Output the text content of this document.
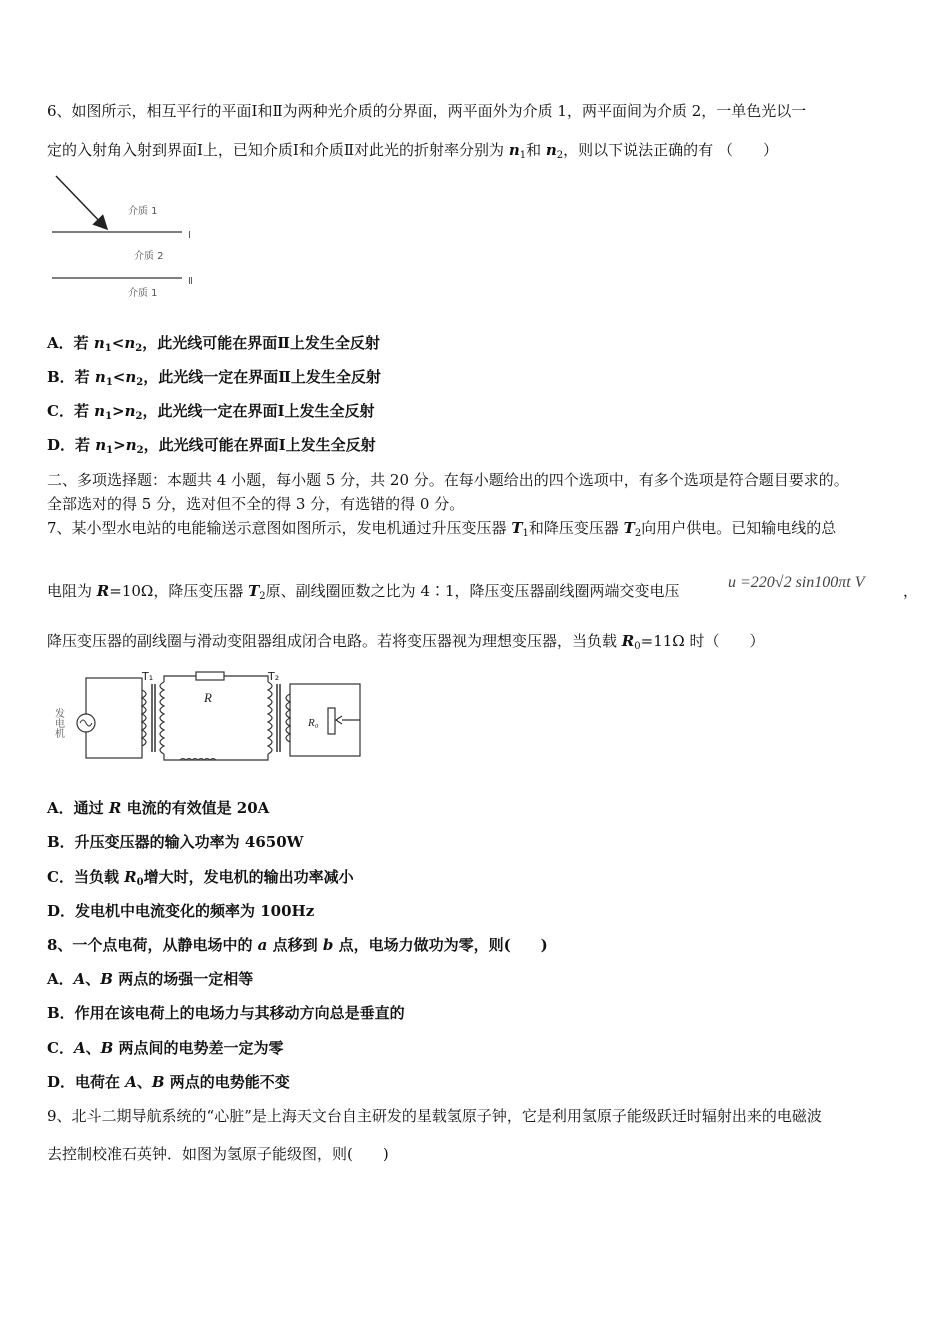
6、如图所示，相互平行的平面Ⅰ和Ⅱ为两种光介质的分界面，两平面外为介质 1，两平面间为介质 2，一单色光以一
定的入射角入射到界面Ⅰ上，已知介质Ⅰ和介质Ⅱ对此光的折射率分别为 $n_1$和 $n_2$，则以下说法正确的有 （　　）
介质 1
Ⅰ
介质 2
Ⅱ
介质 1
A．若 $n_1<n_2$，此光线可能在界面Ⅱ上发生全反射
B．若 $n_1<n_2$，此光线一定在界面Ⅱ上发生全反射
C．若 $n_1>n_2$，此光线一定在界面Ⅰ上发生全反射
D．若 $n_1>n_2$，此光线可能在界面Ⅰ上发生全反射
二、多项选择题：本题共 4 小题，每小题 5 分，共 20 分。在每小题给出的四个选项中，有多个选项是符合题目要求的。
全部选对的得 5 分，选对但不全的得 3 分，有选错的得 0 分。
7、某小型水电站的电能输送示意图如图所示，发电机通过升压变压器 $T_1$和降压变压器 $T_2$向用户供电。已知输电线的总
电阻为 R=10Ω，降压变压器 $T_2$原、副线圈匝数之比为 4∶1，降压变压器副线圈两端交变电压	u =220√2 sin100πt V	，
降压变压器的副线圈与滑动变阻器组成闭合电路。若将变压器视为理想变压器，当负载 $R_0=11\Omega$ 时（　　）
发电机
T₁
R
T₂
R₀
A．通过 R 电流的有效值是 20A
B．升压变压器的输入功率为 4650W
C．当负载 $R_0$增大时，发电机的输出功率减小
D．发电机中电流变化的频率为 100Hz
8、一个点电荷，从静电场中的 a 点移到 b 点，电场力做功为零，则(　　)
A．A、B 两点的场强一定相等
B．作用在该电荷上的电场力与其移动方向总是垂直的
C．A、B 两点间的电势差一定为零
D．电荷在 A、B 两点的电势能不变
9、北斗二期导航系统的“心脏”是上海天文台自主研发的星载氢原子钟，它是利用氢原子能级跃迁时辐射出来的电磁波
去控制校准石英钟．如图为氢原子能级图，则(　　)
